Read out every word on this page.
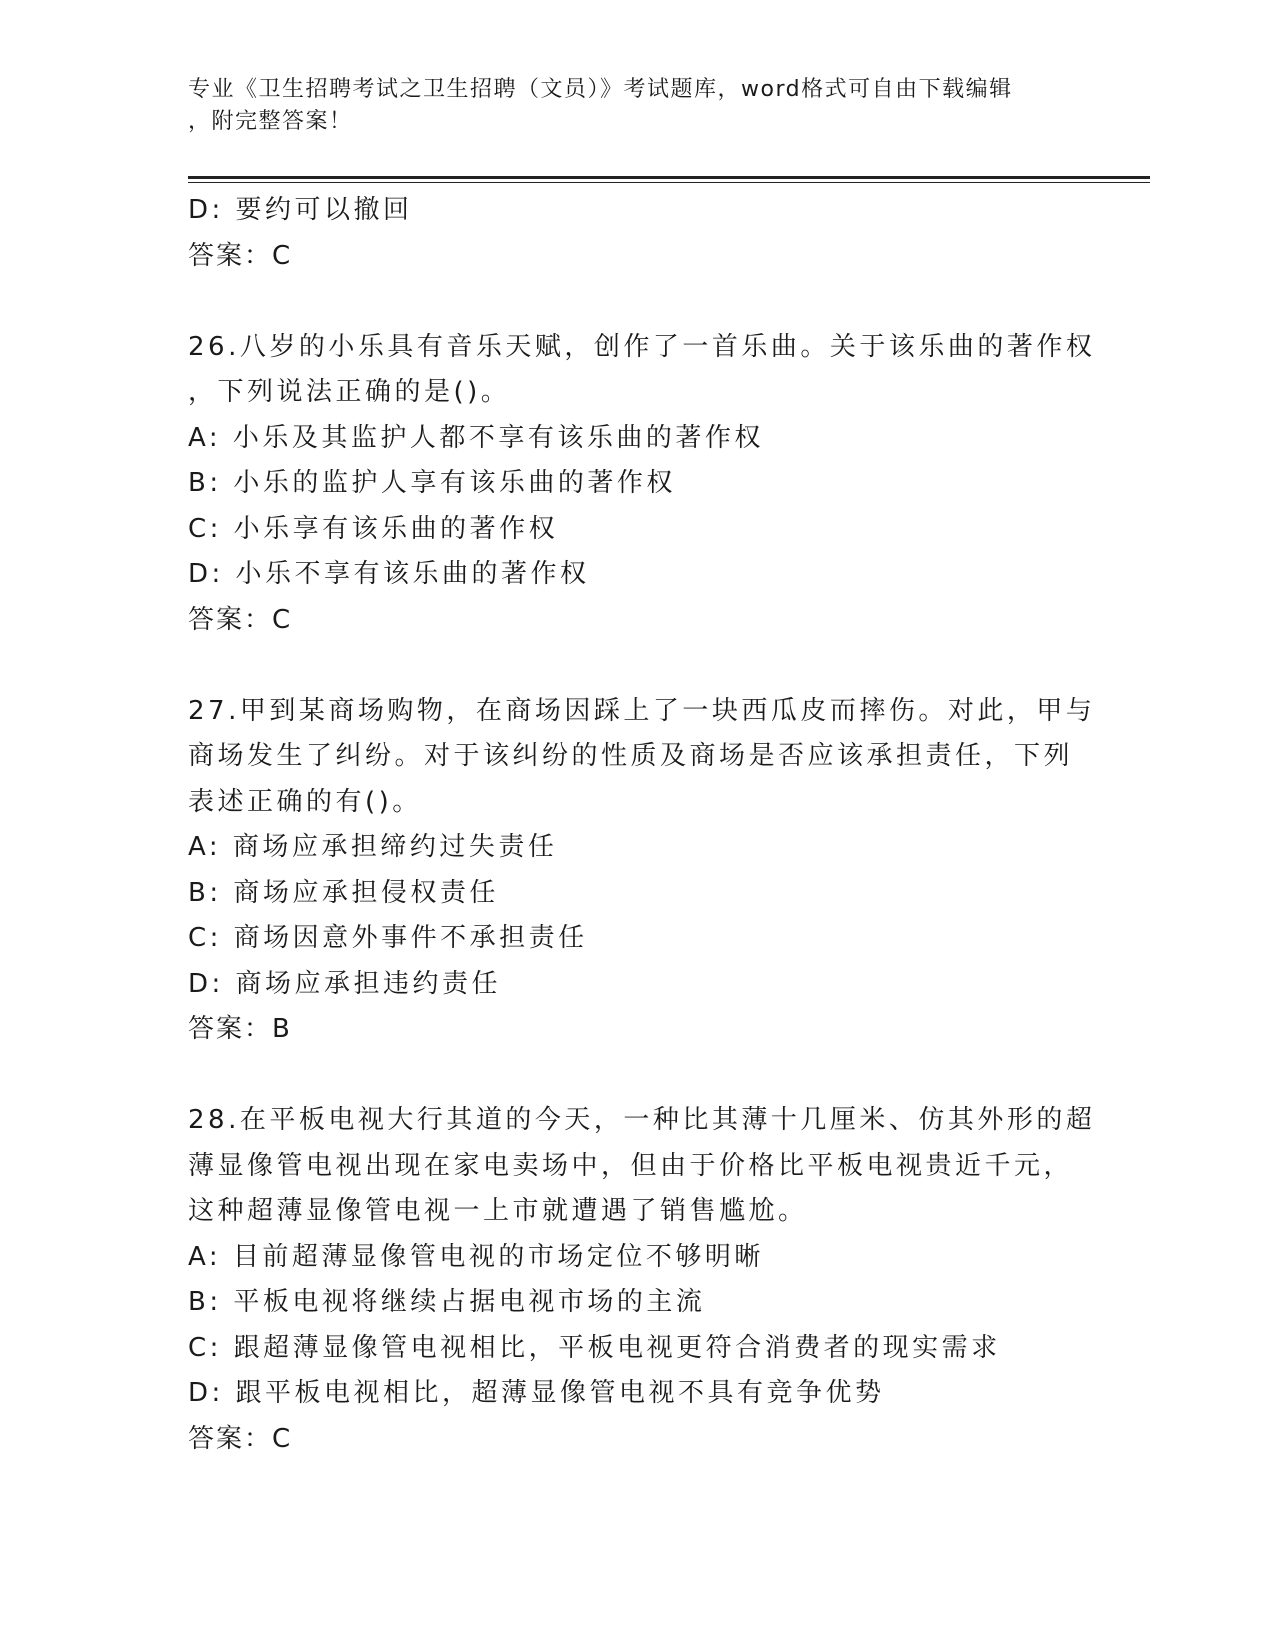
专业《卫生招聘考试之卫生招聘（文员）》考试题库，word格式可自由下载编辑
，附完整答案！
D: 要约可以撤回
答案：C
26.八岁的小乐具有音乐天赋，创作了一首乐曲。关于该乐曲的著作权
，下列说法正确的是()。
A: 小乐及其监护人都不享有该乐曲的著作权
B: 小乐的监护人享有该乐曲的著作权
C: 小乐享有该乐曲的著作权
D: 小乐不享有该乐曲的著作权
答案：C
27.甲到某商场购物，在商场因踩上了一块西瓜皮而摔伤。对此，甲与
商场发生了纠纷。对于该纠纷的性质及商场是否应该承担责任，下列
表述正确的有()。
A: 商场应承担缔约过失责任
B: 商场应承担侵权责任
C: 商场因意外事件不承担责任
D: 商场应承担违约责任
答案：B
28.在平板电视大行其道的今天，一种比其薄十几厘米、仿其外形的超
薄显像管电视出现在家电卖场中，但由于价格比平板电视贵近千元，
这种超薄显像管电视一上市就遭遇了销售尴尬。
A: 目前超薄显像管电视的市场定位不够明晰
B: 平板电视将继续占据电视市场的主流
C: 跟超薄显像管电视相比，平板电视更符合消费者的现实需求
D: 跟平板电视相比，超薄显像管电视不具有竞争优势
答案：C
